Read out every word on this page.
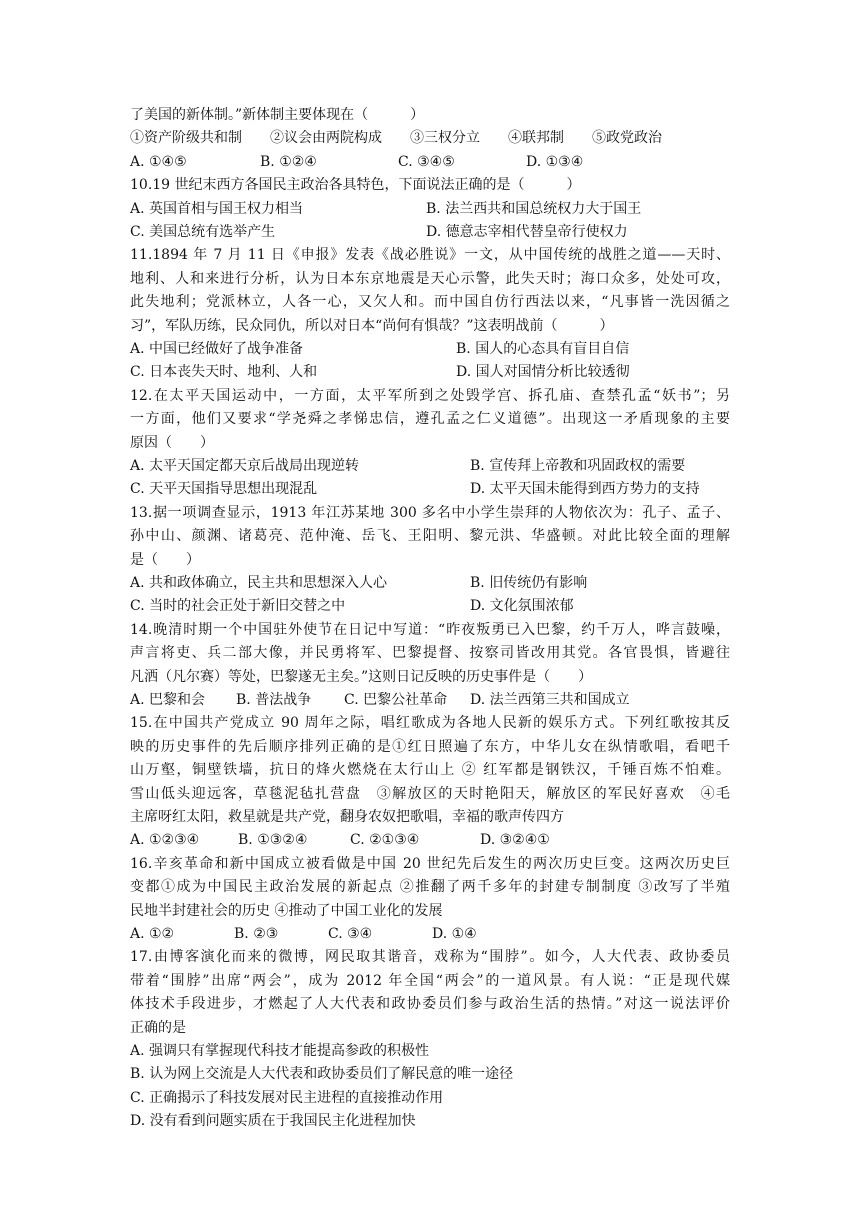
了美国的新体制。”新体制主要体现在（　　　）
①资产阶级共和制　　②议会由两院构成　　③三权分立　　④联邦制　　⑤政党政治
A. ①④⑤	B. ①②④	C. ③④⑤	D. ①③④
10.19 世纪末西方各国民主政治各具特色，下面说法正确的是（　　　）
A. 英国首相与国王权力相当	B. 法兰西共和国总统权力大于国王
C. 美国总统有选举产生	D. 德意志宰相代替皇帝行使权力
11.1894 年 7 月 11 日《申报》发表《战必胜说》一文，从中国传统的战胜之道——天时、
地利、人和来进行分析，认为日本东京地震是天心示警，此失天时；海口众多，处处可攻，
此失地利；党派林立，人各一心，又欠人和。而中国自仿行西法以来，“凡事皆一洗因循之
习”，军队历练，民众同仇，所以对日本“尚何有惧哉？”这表明战前（　　　）
A. 中国已经做好了战争准备	B. 国人的心态具有盲目自信
C. 日本丧失天时、地利、人和	D. 国人对国情分析比较透彻
12.在太平天国运动中，一方面，太平军所到之处毁学宫、拆孔庙、查禁孔孟“妖书”；另
一方面，他们又要求“学尧舜之孝悌忠信，遵孔孟之仁义道德”。出现这一矛盾现象的主要
原因（　　）
A. 太平天国定都天京后战局出现逆转	B. 宣传拜上帝教和巩固政权的需要
C. 天平天国指导思想出现混乱	D. 太平天国未能得到西方势力的支持
13.据一项调查显示，1913 年江苏某地 300 多名中小学生崇拜的人物依次为：孔子、孟子、
孙中山、颜渊、诸葛亮、范仲淹、岳飞、王阳明、黎元洪、华盛顿。对此比较全面的理解
是（　　）
A. 共和政体确立，民主共和思想深入人心	B. 旧传统仍有影响
C. 当时的社会正处于新旧交替之中	D. 文化氛围浓郁
14.晚清时期一个中国驻外使节在日记中写道：“昨夜叛勇已入巴黎，约千万人，哗言鼓噪，
声言将吏、兵二部大像，并民勇将军、巴黎提督、按察司皆改用其党。各官畏惧，皆避往
凡洒（凡尔赛）等处，巴黎遂无主矣。”这则日记反映的历史事件是（　　）
A. 巴黎和会 B. 普法战争 C. 巴黎公社革命 D. 法兰西第三共和国成立
15.在中国共产党成立 90 周年之际，唱红歌成为各地人民新的娱乐方式。下列红歌按其反
映的历史事件的先后顺序排列正确的是①红日照遍了东方，中华儿女在纵情歌唱，看吧千
山万壑，铜壁铁墙，抗日的烽火燃烧在太行山上 ② 红军都是钢铁汉，千锤百炼不怕难。
雪山低头迎远客，草毯泥毡扎营盘　③解放区的天时艳阳天，解放区的军民好喜欢　④毛
主席呀红太阳，救星就是共产党，翻身农奴把歌唱，幸福的歌声传四方
A. ①②③④	B. ①③②④	C. ②①③④	D. ③②④①
16.辛亥革命和新中国成立被看做是中国 20 世纪先后发生的两次历史巨变。这两次历史巨
变都①成为中国民主政治发展的新起点 ②推翻了两千多年的封建专制制度 ③改写了半殖
民地半封建社会的历史 ④推动了中国工业化的发展
A. ①②	B. ②③	C. ③④	D. ①④
17.由博客演化而来的微博，网民取其谐音，戏称为“围脖”。如今，人大代表、政协委员
带着“围脖”出席“两会”，成为 2012 年全国“两会”的一道风景。有人说：“正是现代媒
体技术手段进步，才燃起了人大代表和政协委员们参与政治生活的热情。”对这一说法评价
正确的是
A. 强调只有掌握现代科技才能提高参政的积极性
B. 认为网上交流是人大代表和政协委员们了解民意的唯一途径
C. 正确揭示了科技发展对民主进程的直接推动作用
D. 没有看到问题实质在于我国民主化进程加快
